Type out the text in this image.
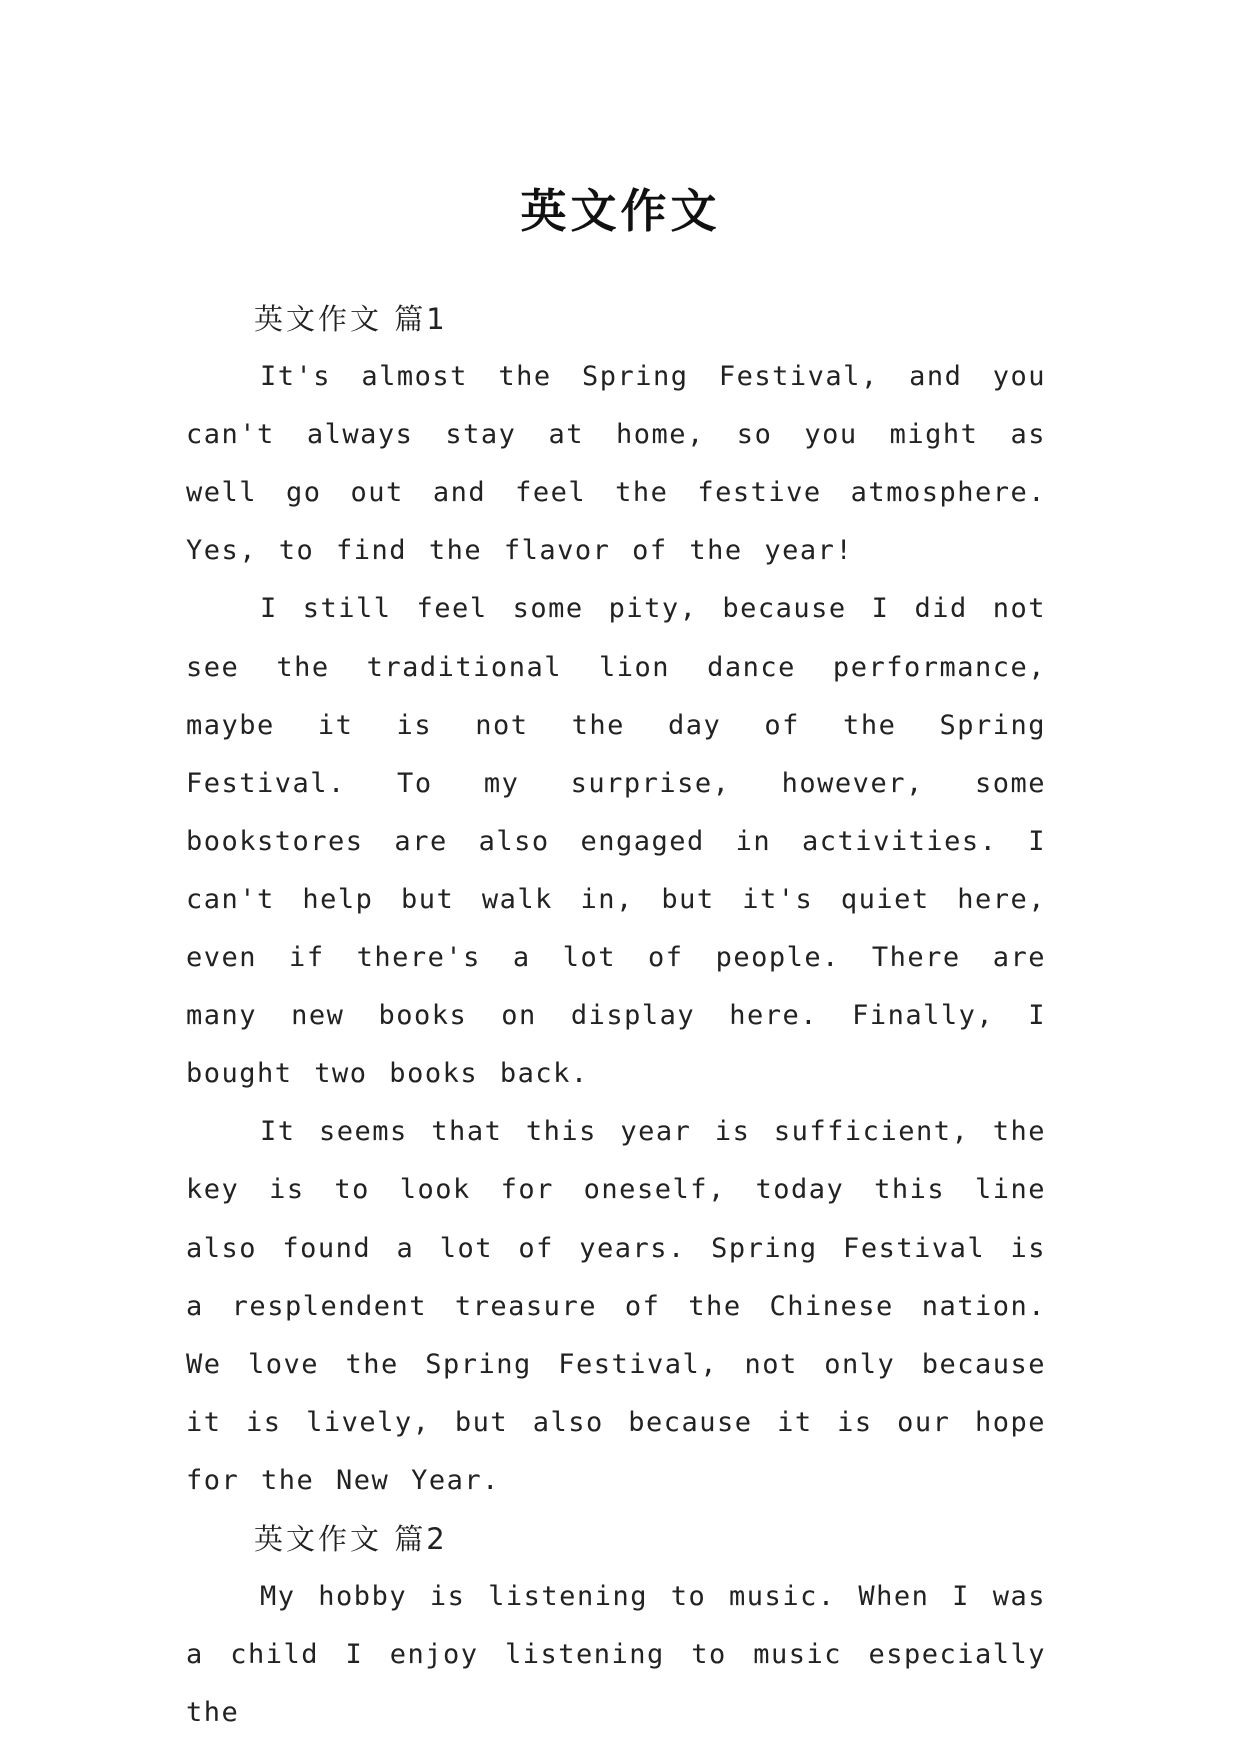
英文作文

英文作文 篇1

It's almost the Spring Festival, and you can't always stay at home, so you might as well go out and feel the festive atmosphere. Yes, to find the flavor of the year!

I still feel some pity, because I did not see the traditional lion dance performance, maybe it is not the day of the Spring Festival. To my surprise, however, some bookstores are also engaged in activities. I can't help but walk in, but it's quiet here, even if there's a lot of people. There are many new books on display here. Finally, I bought two books back.

It seems that this year is sufficient, the key is to look for oneself, today this line also found a lot of years. Spring Festival is a resplendent treasure of the Chinese nation. We love the Spring Festival, not only because it is lively, but also because it is our hope for the New Year.

英文作文 篇2

My hobby is listening to music. When I was a child I enjoy listening to music especially the
